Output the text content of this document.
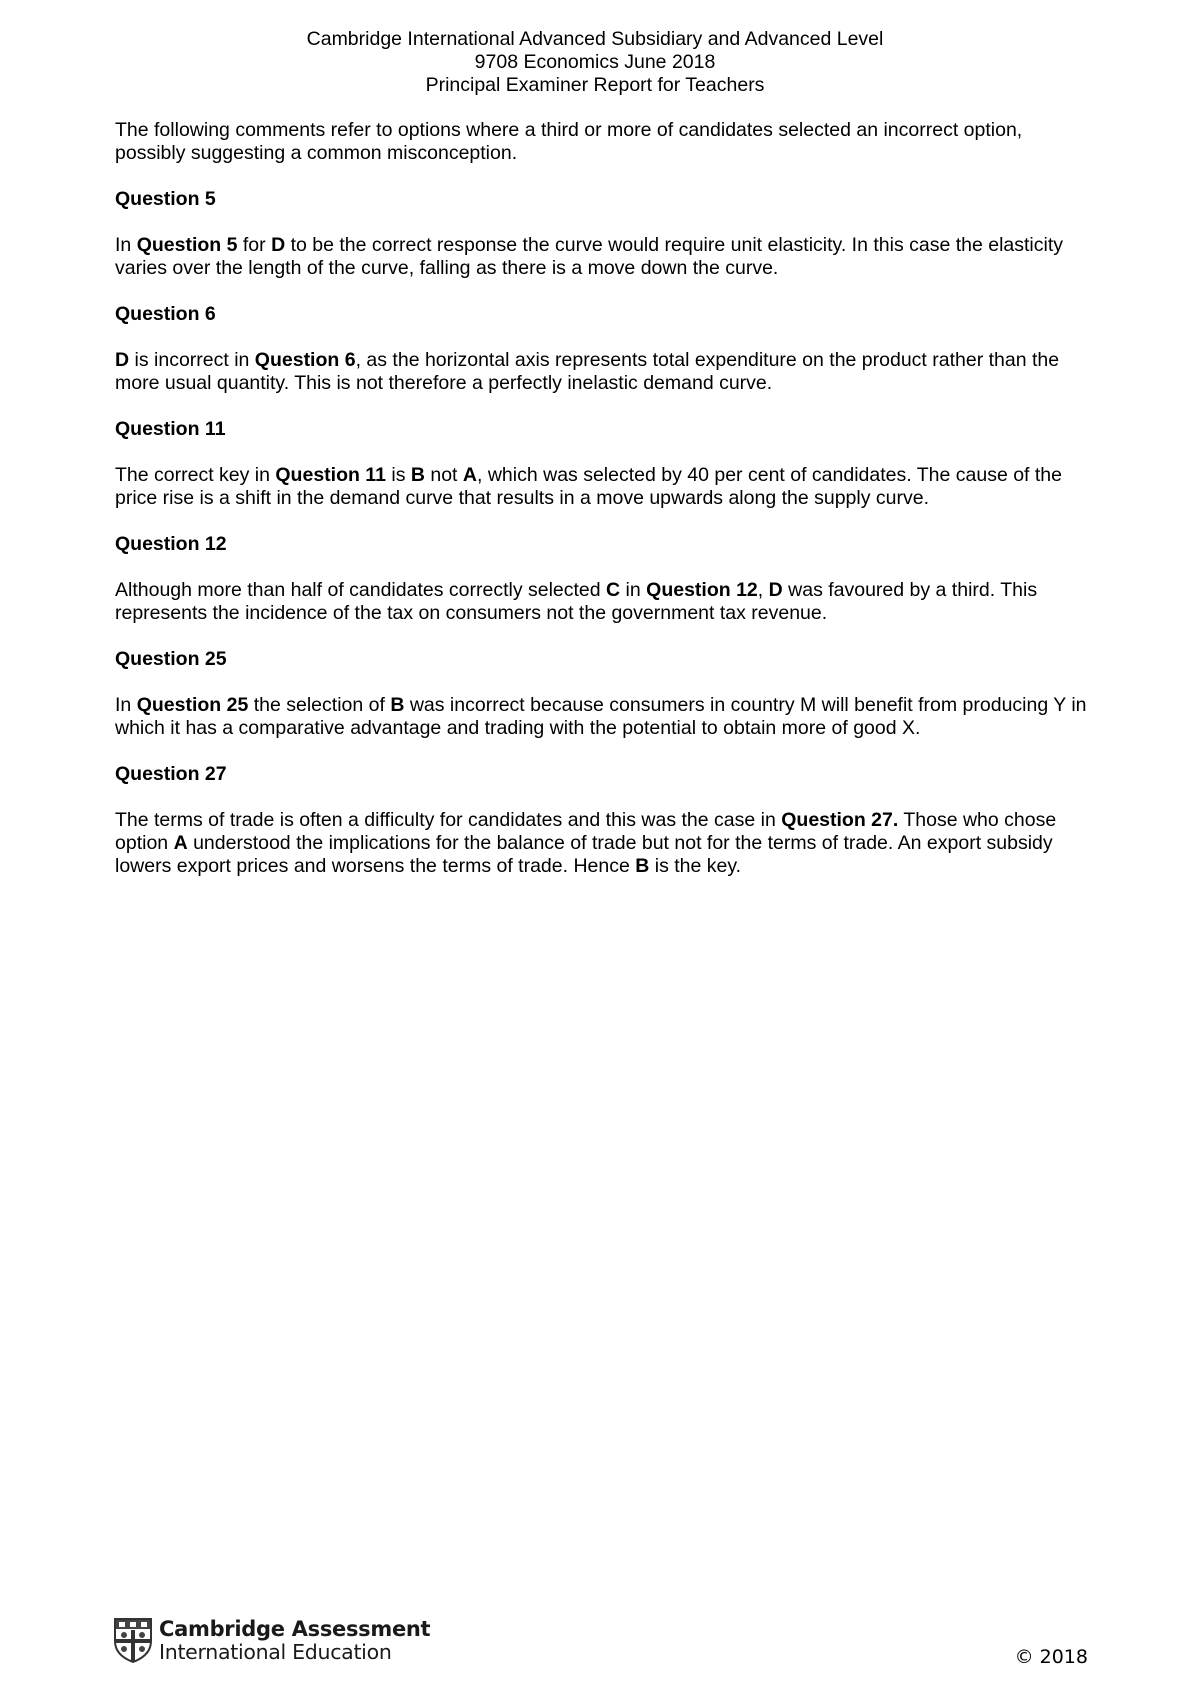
Cambridge International Advanced Subsidiary and Advanced Level
9708 Economics June 2018
Principal Examiner Report for Teachers

The following comments refer to options where a third or more of candidates selected an incorrect option, possibly suggesting a common misconception.

Question 5

In Question 5 for D to be the correct response the curve would require unit elasticity. In this case the elasticity varies over the length of the curve, falling as there is a move down the curve.

Question 6

D is incorrect in Question 6, as the horizontal axis represents total expenditure on the product rather than the more usual quantity. This is not therefore a perfectly inelastic demand curve.

Question 11

The correct key in Question 11 is B not A, which was selected by 40 per cent of candidates. The cause of the price rise is a shift in the demand curve that results in a move upwards along the supply curve.

Question 12

Although more than half of candidates correctly selected C in Question 12, D was favoured by a third. This represents the incidence of the tax on consumers not the government tax revenue.

Question 25

In Question 25 the selection of B was incorrect because consumers in country M will benefit from producing Y in which it has a comparative advantage and trading with the potential to obtain more of good X.

Question 27

The terms of trade is often a difficulty for candidates and this was the case in Question 27. Those who chose option A understood the implications for the balance of trade but not for the terms of trade. An export subsidy lowers export prices and worsens the terms of trade. Hence B is the key.

Cambridge Assessment
International Education	© 2018
